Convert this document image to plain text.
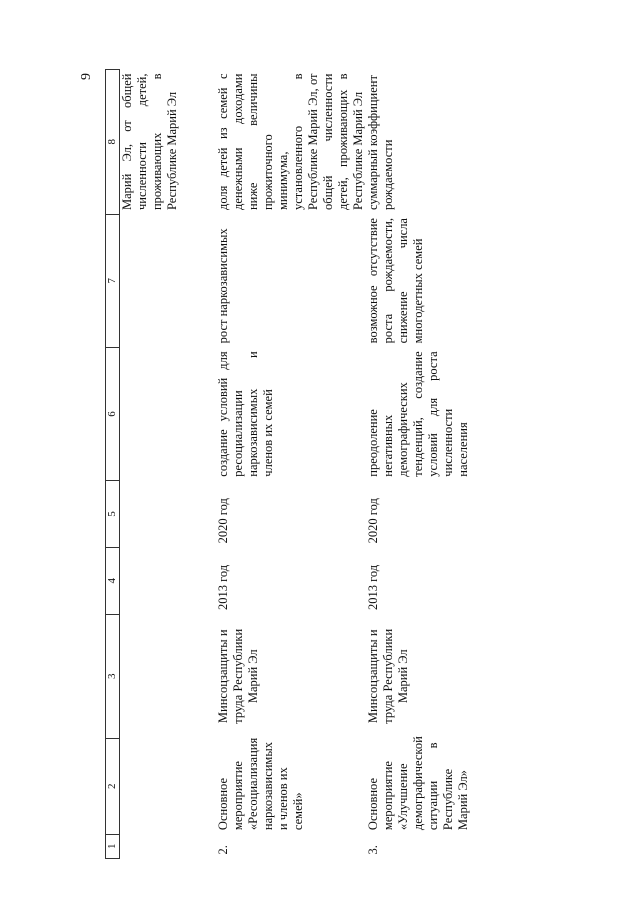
9
1	2	3	4	5	6	7	8
							Марий Эл, от общей численности детей, проживающих в Республике Марий Эл
2.	Основное мероприятие «Ресоциализация наркозависимых и членов их семей»	Минсоцзащиты и труда Республики Марий Эл	2013 год	2020 год	создание условий для ресоциализации наркозависимых и членов их семей	рост наркозависимых	доля детей из семей с денежными доходами ниже величины прожиточного минимума, установленного в Республике Марий Эл, от общей численности детей, проживающих в Республике Марий Эл
3.	Основное мероприятие «Улучшение демографической ситуации в Республике Марий Эл»	Минсоцзащиты и труда Республики Марий Эл	2013 год	2020 год	преодоление негативных демографических тенденций, создание условий для роста численности населения	возможное отсутствие роста рождаемости, снижение числа многодетных семей	суммарный коэффициент рождаемости
